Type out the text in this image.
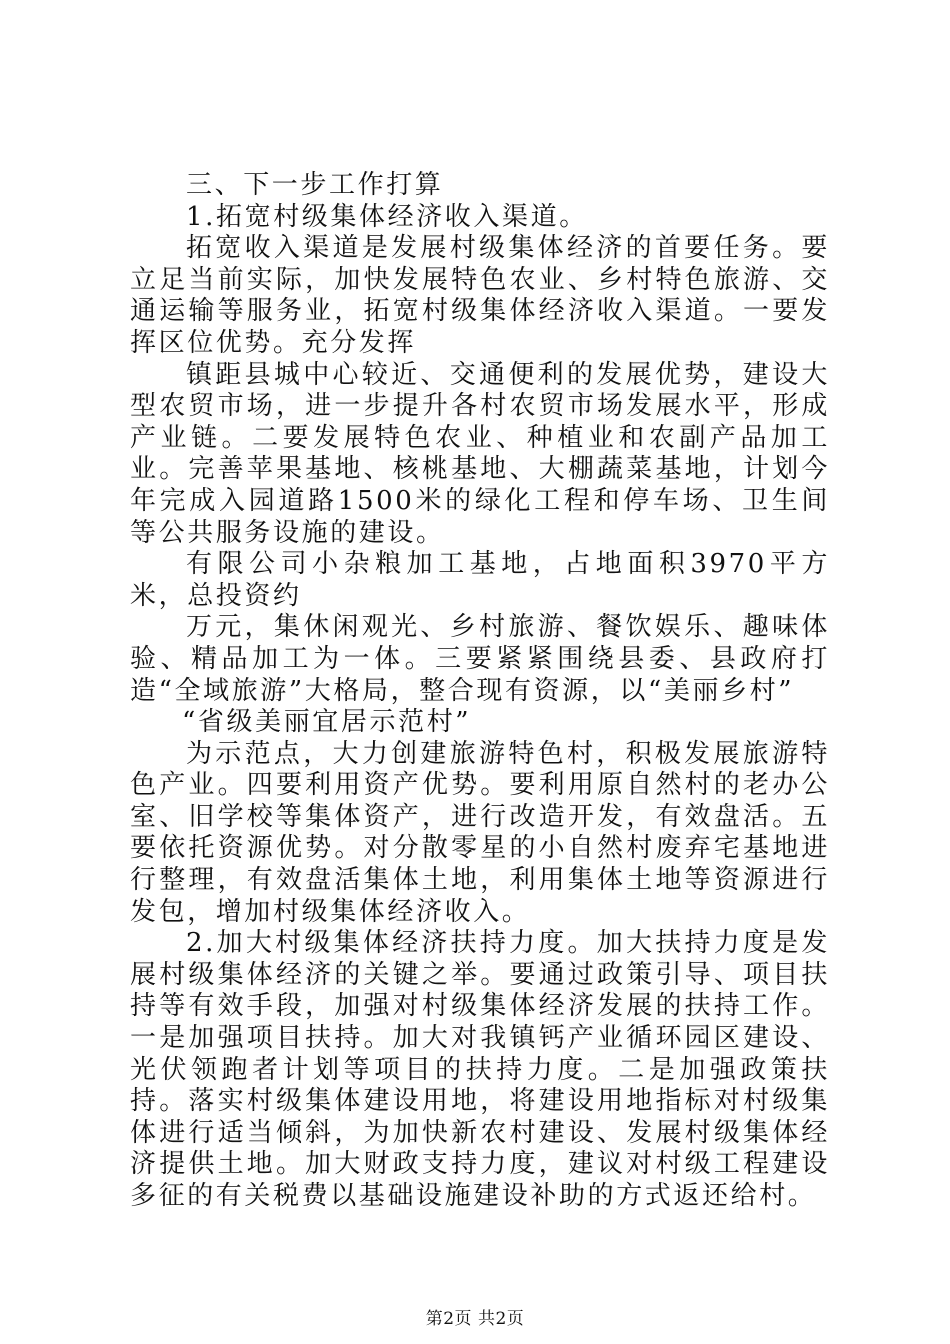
三、下一步工作打算

1.拓宽村级集体经济收入渠道。

拓宽收入渠道是发展村级集体经济的首要任务。要立足当前实际，加快发展特色农业、乡村特色旅游、交通运输等服务业，拓宽村级集体经济收入渠道。一要发挥区位优势。充分发挥

镇距县城中心较近、交通便利的发展优势，建设大型农贸市场，进一步提升各村农贸市场发展水平，形成产业链。二要发展特色农业、种植业和农副产品加工业。完善苹果基地、核桃基地、大棚蔬菜基地，计划今年完成入园道路1500米的绿化工程和停车场、卫生间等公共服务设施的建设。

有限公司小杂粮加工基地，占地面积3970平方米，总投资约

万元，集休闲观光、乡村旅游、餐饮娱乐、趣味体验、精品加工为一体。三要紧紧围绕县委、县政府打造“全域旅游”大格局，整合现有资源，以“美丽乡村”

“省级美丽宜居示范村”

为示范点，大力创建旅游特色村，积极发展旅游特色产业。四要利用资产优势。要利用原自然村的老办公室、旧学校等集体资产，进行改造开发，有效盘活。五要依托资源优势。对分散零星的小自然村废弃宅基地进行整理，有效盘活集体土地，利用集体土地等资源进行发包，增加村级集体经济收入。

2.加大村级集体经济扶持力度。加大扶持力度是发展村级集体经济的关键之举。要通过政策引导、项目扶持等有效手段，加强对村级集体经济发展的扶持工作。一是加强项目扶持。加大对我镇钙产业循环园区建设、光伏领跑者计划等项目的扶持力度。二是加强政策扶持。落实村级集体建设用地，将建设用地指标对村级集体进行适当倾斜，为加快新农村建设、发展村级集体经济提供土地。加大财政支持力度，建议对村级工程建设多征的有关税费以基础设施建设补助的方式返还给村。

第2页 共2页
